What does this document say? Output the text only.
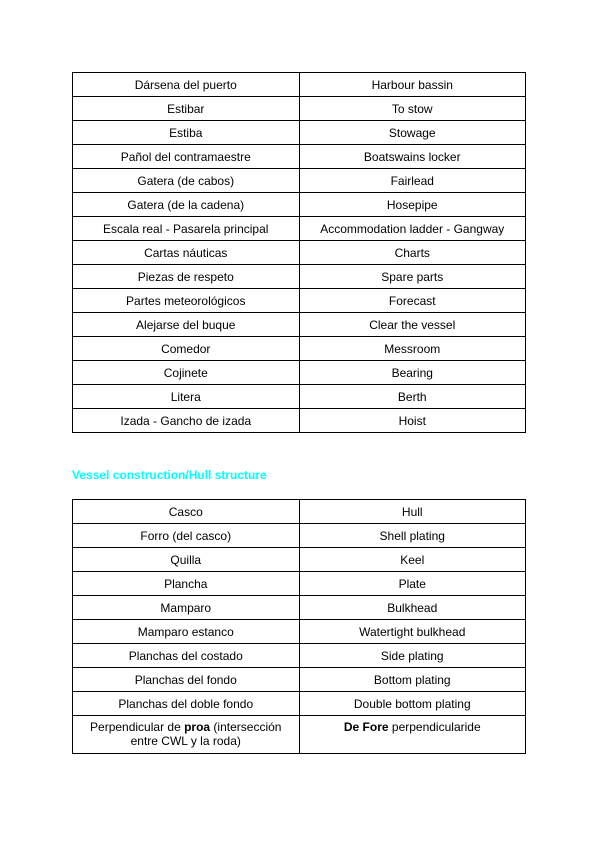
Dársena del puerto	Harbour bassin
Estibar	To stow
Estiba	Stowage
Pañol del contramaestre	Boatswains locker
Gatera (de cabos)	Fairlead
Gatera (de la cadena)	Hosepipe
Escala real - Pasarela principal	Accommodation ladder - Gangway
Cartas náuticas	Charts
Piezas de respeto	Spare parts
Partes meteorológicos	Forecast
Alejarse del buque	Clear the vessel
Comedor	Messroom
Cojinete	Bearing
Litera	Berth
Izada - Gancho de izada	Hoist

Vessel construction/Hull structure

Casco	Hull
Forro (del casco)	Shell plating
Quilla	Keel
Plancha	Plate
Mamparo	Bulkhead
Mamparo estanco	Watertight bulkhead
Planchas del costado	Side plating
Planchas del fondo	Bottom plating
Planchas del doble fondo	Double bottom plating
Perpendicular de proa (intersección entre CWL y la roda)	De Fore perpendicularide
